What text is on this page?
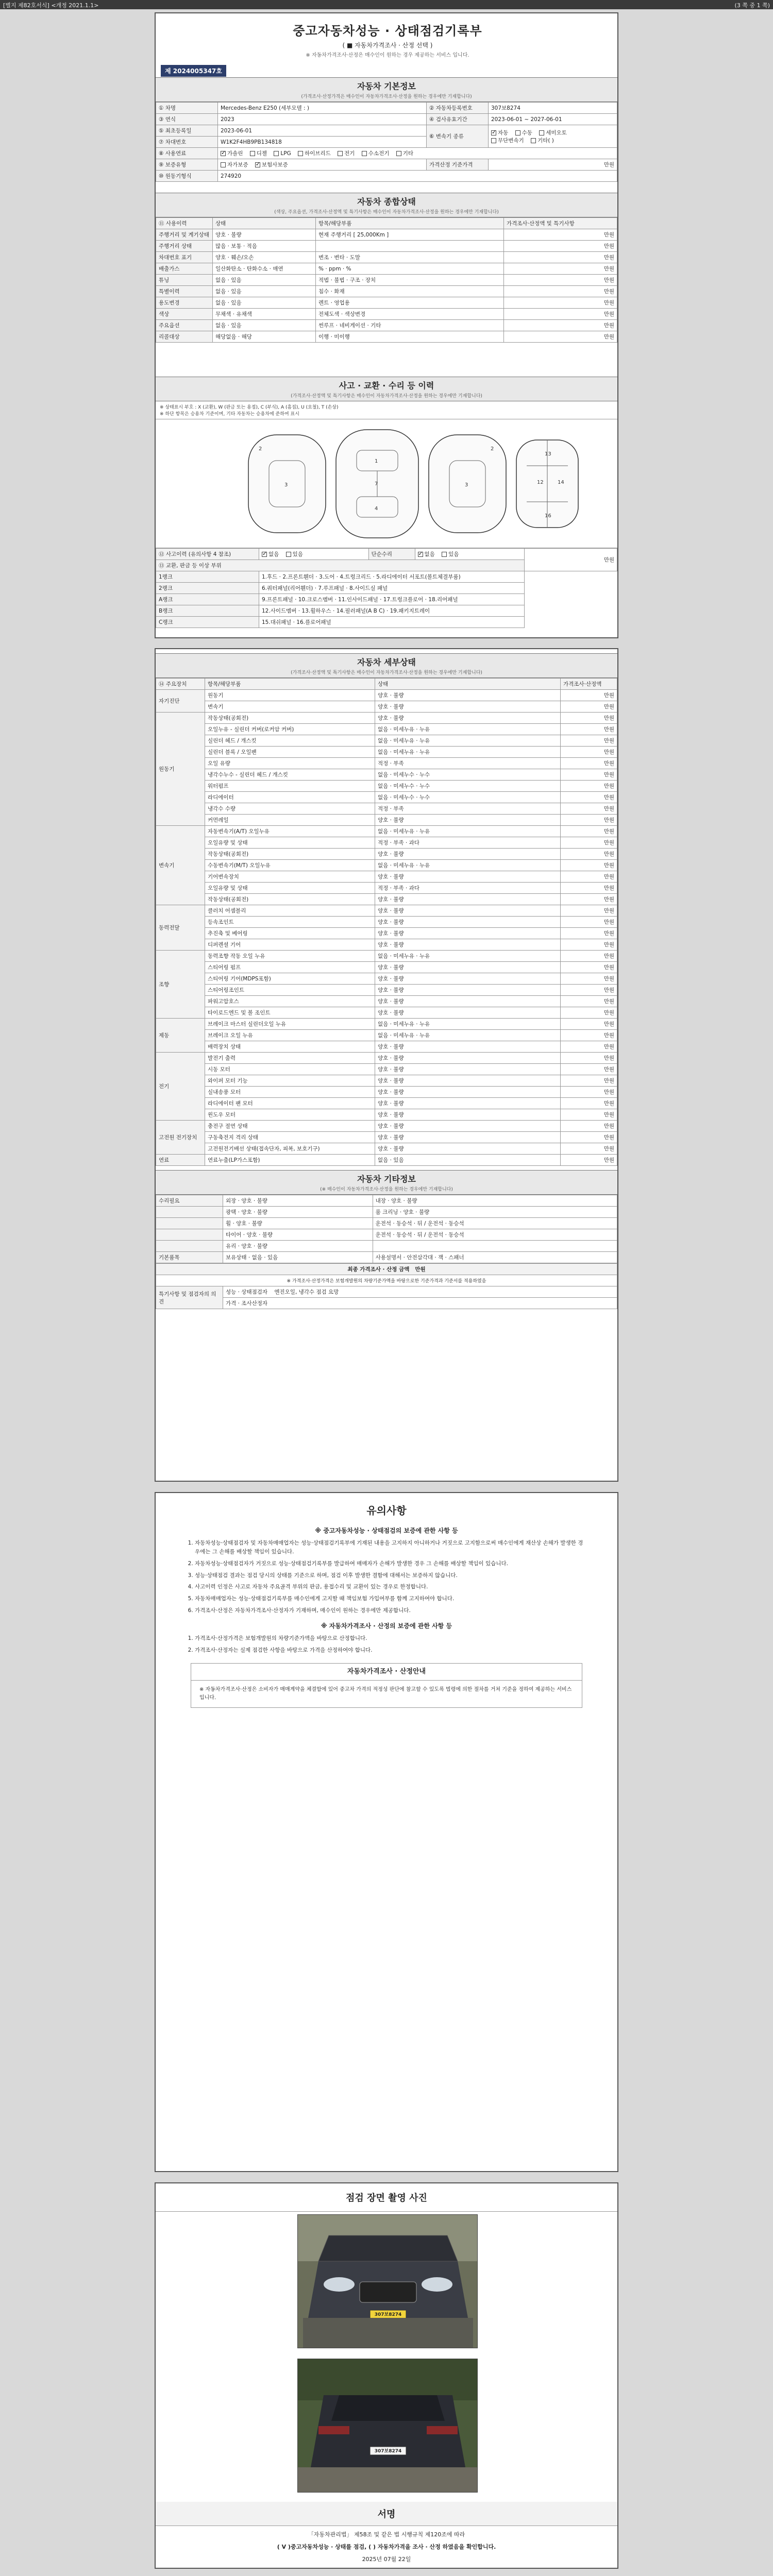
[별지 제82호서식] <개정 2021.1.1>	(3 쪽 중 1 쪽)
중고자동차성능 · 상태점검기록부
( ■ 자동차가격조사 · 산정 선택 )
※ 자동차가격조사·산정은 매수인이 원하는 경우 제공하는 서비스 입니다.
제 2024005347호
자동차 기본정보
(가격조사·산정가격은 매수인이 자동차가격조사·산정을 원하는 경우에만 기재합니다)
① 차명	Mercedes-Benz E250 (세부모델 : )	② 자동차등록번호	307보8274
③ 연식	2023	④ 검사유효기간	2023-06-01 ~ 2027-06-01
⑤ 최초등록일	2023-06-01	⑥ 변속기 종류	✓자동 수동 세미오토
무단변속기 기타( )
⑦ 차대번호	W1K2F4HB9PB134818		
⑧ 사용연료	✓가솔린 디젤 LPG 하이브리드 전기 수소전기 기타
⑨ 보증유형	자가보증 ✓ 보험사보증	가격산정 기준가격	만원
⑩ 원동기형식	274920		
자동차 종합상태
(색상, 주요옵션, 가격조사·산정액 및 특기사항은 매수인이 자동차가격조사·산정을 원하는 경우에만 기재합니다)
⑪ 사용이력	상태	항목/해당부품	가격조사·산정액 및 특기사항
주행거리 및 계기상태	양호 · 불량	현재 주행거리 [ 25,000Km ]	만원
주행거리 상태	많음 · 보통 · 적음		만원
차대번호 표기	양호 · 훼손/오손	변조 · 변타 · 도말	만원
배출가스	일산화탄소 · 탄화수소 · 매연	% · ppm · %	만원
튜닝	없음 · 있음	적법 · 불법 · 구조 · 장치	만원
특별이력	없음 · 있음	침수 · 화재	만원
용도변경	없음 · 있음	렌트 · 영업용	만원
색상	무채색 · 유채색	전체도색 · 색상변경	만원
주요옵션	없음 · 있음	썬루프 · 네비게이션 · 기타	만원
리콜대상	해당없음 · 해당	이행 · 미이행	만원
사고 · 교환 · 수리 등 이력
(가격조사·산정액 및 특기사항은 매수인이 자동차가격조사·산정을 원하는 경우에만 기재합니다)
※ 상태표시 부호 : X (교환), W (판금 또는 용접), C (부식), A (흠집), U (요철), T (손상)
※ 하단 항목은 승용차 기준이며, 기타 자동차는 승용차에 준하여 표시
1
4
7
3	3
2	2
13
12	14
16
⑫ 사고이력 (유의사항 4 참조)	✓없음 있음	단순수리	✓없음 있음	만원
⑬ 교환, 판금 등 이상 부위				
1랭크	1.후드 · 2.프론트휀더 · 3.도어 · 4.트렁크리드 · 5.라디에이터 서포트(볼트체결부품)			
2랭크	6.쿼터패널(리어휀더) · 7.루프패널 · 8.사이드실 패널			
A랭크	9.프론트패널 · 10.크로스멤버 · 11.인사이드패널 · 17.트렁크플로어 · 18.리어패널			
B랭크	12.사이드멤버 · 13.휠하우스 · 14.필러패널(A B C) · 19.패키지트레이			
C랭크	15.대쉬패널 · 16.플로어패널			
자동차 세부상태
(가격조사·산정액 및 특기사항은 매수인이 자동차가격조사·산정을 원하는 경우에만 기재합니다)
⑭ 주요장치	항목/해당부품	상태	가격조사·산정액
자기진단	원동기	양호 · 불량	만원
	변속기	양호 · 불량	만원
원동기	작동상태(공회전)	양호 · 불량	만원
	오일누유 - 실린더 커버(로커암 커버)	없음 · 미세누유 · 누유	만원
	실린더 헤드 / 개스킷	없음 · 미세누유 · 누유	만원
	실린더 블록 / 오일팬	없음 · 미세누유 · 누유	만원
	오일 유량	적정 · 부족	만원
	냉각수누수 - 실린더 헤드 / 개스킷	없음 · 미세누수 · 누수	만원
	워터펌프	없음 · 미세누수 · 누수	만원
	라디에이터	없음 · 미세누수 · 누수	만원
	냉각수 수량	적정 · 부족	만원
	커먼레일	양호 · 불량	만원
변속기	자동변속기(A/T) 오일누유	없음 · 미세누유 · 누유	만원
	오일유량 및 상태	적정 · 부족 · 과다	만원
	작동상태(공회전)	양호 · 불량	만원
	수동변속기(M/T) 오일누유	없음 · 미세누유 · 누유	만원
	기어변속장치	양호 · 불량	만원
	오일유량 및 상태	적정 · 부족 · 과다	만원
	작동상태(공회전)	양호 · 불량	만원
동력전달	클러치 어셈블리	양호 · 불량	만원
	등속조인트	양호 · 불량	만원
	추진축 및 베어링	양호 · 불량	만원
	디퍼렌셜 기어	양호 · 불량	만원
조향	동력조향 작동 오일 누유	없음 · 미세누유 · 누유	만원
	스티어링 펌프	양호 · 불량	만원
	스티어링 기어(MDPS포함)	양호 · 불량	만원
	스티어링조인트	양호 · 불량	만원
	파워고압호스	양호 · 불량	만원
	타이로드엔드 및 볼 조인트	양호 · 불량	만원
제동	브레이크 마스터 실린더오일 누유	없음 · 미세누유 · 누유	만원
	브레이크 오일 누유	없음 · 미세누유 · 누유	만원
	배력장치 상태	양호 · 불량	만원
전기	발전기 출력	양호 · 불량	만원
	시동 모터	양호 · 불량	만원
	와이퍼 모터 기능	양호 · 불량	만원
	실내송풍 모터	양호 · 불량	만원
	라디에이터 팬 모터	양호 · 불량	만원
	윈도우 모터	양호 · 불량	만원
고전원 전기장치	충전구 절연 상태	양호 · 불량	만원
	구동축전지 격리 상태	양호 · 불량	만원
	고전원전기배선 상태(접속단자, 피복, 보호기구)	양호 · 불량	만원
연료	연료누출(LP가스포함)	없음 · 있음	만원
자동차 기타정보
(※ 매수인이 자동차가격조사·산정을 원하는 경우에만 기재합니다)
수리필요	외장 · 양호 · 불량	내장 · 양호 · 불량
	광택 · 양호 · 불량	룸 크리닝 · 양호 · 불량
	휠 · 양호 · 불량	운전석 · 동승석 · 뒤 / 운전석 · 동승석
	타이어 · 양호 · 불량	운전석 · 동승석 · 뒤 / 운전석 · 동승석
	유리 · 양호 · 불량	
기본품목	보유상태 · 없음 · 있음	사용설명서 · 안전삼각대 · 잭 · 스패너
최종 가격조사 · 산정 금액 만원
※ 가격조사·산정가격은 보험개발원의 차량기준가액을 바탕으로한 기준가격과 기준서를 적용하였음
특기사항 및 점검자의 의견	성능 · 상태점검자 엔진오일, 냉각수 점검 요망
가격 · 조사산정자
유의사항
※ 중고자동차성능 · 상태점검의 보증에 관한 사항 등
1. 자동차성능·상태점검자 및 자동차매매업자는 성능·상태점검기록부에 기재된 내용을 고지하지 아니하거나 거짓으로 고지함으로써 매수인에게 재산상 손해가 발생한 경우에는 그 손해를 배상할 책임이 있습니다.
2. 자동차성능·상태점검자가 거짓으로 성능·상태점검기록부를 발급하여 매매자가 손해가 발생한 경우 그 손해를 배상할 책임이 있습니다.
3. 성능·상태점검 결과는 점검 당시의 상태를 기준으로 하며, 점검 이후 발생한 결함에 대해서는 보증하지 않습니다.
4. 사고이력 인정은 사고로 자동차 주요골격 부위의 판금, 용접수리 및 교환이 있는 경우로 한정합니다.
5. 자동차매매업자는 성능·상태점검기록부를 매수인에게 고지할 때 책임보험 가입여부를 함께 고지하여야 합니다.
6. 가격조사·산정은 자동차가격조사·산정자가 기재하며, 매수인이 원하는 경우에만 제공합니다.
※ 자동차가격조사 · 산정의 보증에 관한 사항 등
1. 가격조사·산정가격은 보험개발원의 차량기준가액을 바탕으로 산정합니다.
2. 가격조사·산정자는 실제 점검한 사항을 바탕으로 가격을 산정하여야 합니다.
자동차가격조사 · 산정안내
※ 자동차가격조사·산정은 소비자가 매매계약을 체결함에 있어 중고차 가격의 적정성 판단에 참고할 수 있도록 법령에 의한 절차를 거쳐 기준을 정하여 제공하는 서비스입니다.
점검 장면 촬영 사진
307보8274
307보8274
서명

「자동차관리법」 제58조 및 같은 법 시행규칙 제120조에 따라

( V )중고자동차성능 · 상태를 점검, ( ) 자동차가격을 조사 · 산정 하였음을 확인합니다.

2025년 07월 22일
